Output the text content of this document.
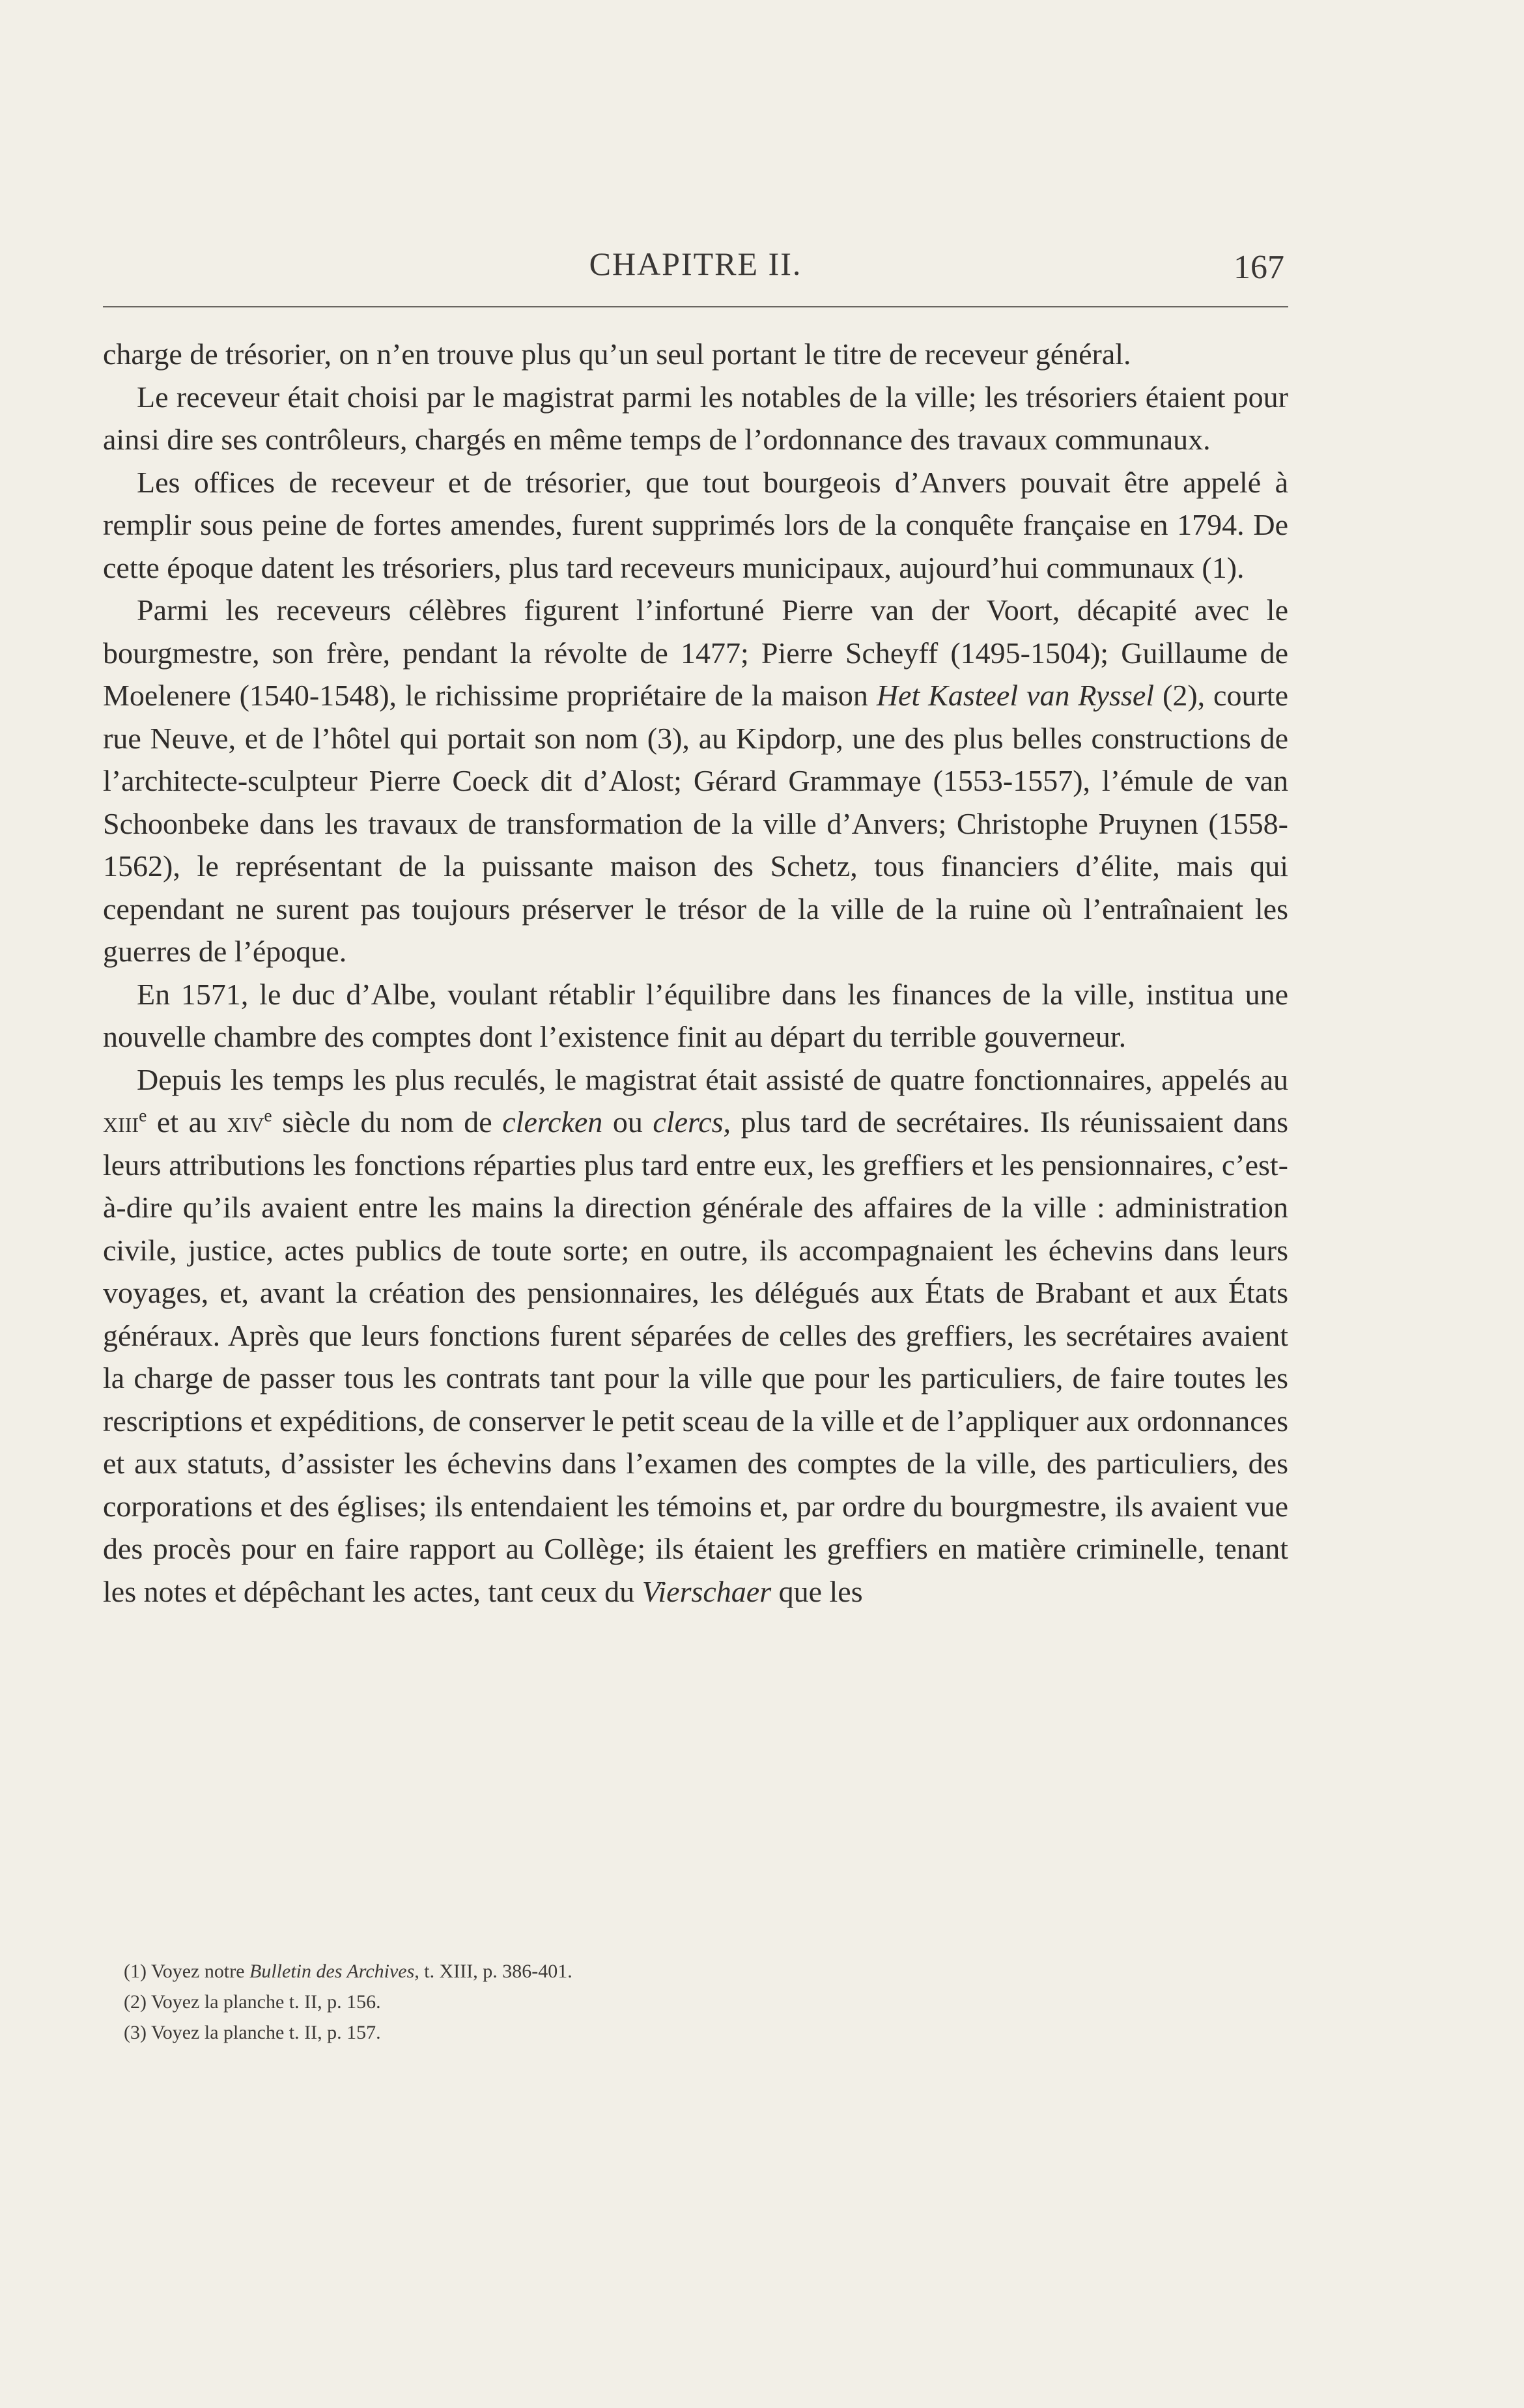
CHAPITRE II.	167

charge de trésorier, on n’en trouve plus qu’un seul portant le titre de receveur général.

Le receveur était choisi par le magistrat parmi les notables de la ville; les trésoriers étaient pour ainsi dire ses contrôleurs, chargés en même temps de l’ordonnance des travaux communaux.

Les offices de receveur et de trésorier, que tout bourgeois d’Anvers pouvait être appelé à remplir sous peine de fortes amendes, furent supprimés lors de la conquête française en 1794. De cette époque datent les trésoriers, plus tard receveurs municipaux, aujourd’hui communaux (1).

Parmi les receveurs célèbres figurent l’infortuné Pierre van der Voort, décapité avec le bourgmestre, son frère, pendant la révolte de 1477; Pierre Scheyff (1495-1504); Guillaume de Moelenere (1540-1548), le richissime propriétaire de la maison Het Kasteel van Ryssel (2), courte rue Neuve, et de l’hôtel qui portait son nom (3), au Kipdorp, une des plus belles constructions de l’architecte-sculpteur Pierre Coeck dit d’Alost; Gérard Grammaye (1553-1557), l’émule de van Schoonbeke dans les travaux de transformation de la ville d’Anvers; Christophe Pruynen (1558-1562), le représentant de la puissante maison des Schetz, tous financiers d’élite, mais qui cependant ne surent pas toujours préserver le trésor de la ville de la ruine où l’entraînaient les guerres de l’époque.

En 1571, le duc d’Albe, voulant rétablir l’équilibre dans les finances de la ville, institua une nouvelle chambre des comptes dont l’existence finit au départ du terrible gouverneur.

Depuis les temps les plus reculés, le magistrat était assisté de quatre fonctionnaires, appelés au xiii$^e$ et au xiv$^e$ siècle du nom de clercken ou clercs, plus tard de secrétaires. Ils réunissaient dans leurs attributions les fonctions réparties plus tard entre eux, les greffiers et les pensionnaires, c’est-à-dire qu’ils avaient entre les mains la direction générale des affaires de la ville : administration civile, justice, actes publics de toute sorte; en outre, ils accompagnaient les échevins dans leurs voyages, et, avant la création des pensionnaires, les délégués aux États de Brabant et aux États généraux. Après que leurs fonctions furent séparées de celles des greffiers, les secrétaires avaient la charge de passer tous les contrats tant pour la ville que pour les particuliers, de faire toutes les rescriptions et expéditions, de conserver le petit sceau de la ville et de l’appliquer aux ordonnances et aux statuts, d’assister les échevins dans l’examen des comptes de la ville, des particuliers, des corporations et des églises; ils entendaient les témoins et, par ordre du bourgmestre, ils avaient vue des procès pour en faire rapport au Collège; ils étaient les greffiers en matière criminelle, tenant les notes et dépêchant les actes, tant ceux du Vierschaer que les

(1) Voyez notre Bulletin des Archives, t. XIII, p. 386-401.

(2) Voyez la planche t. II, p. 156.

(3) Voyez la planche t. II, p. 157.
